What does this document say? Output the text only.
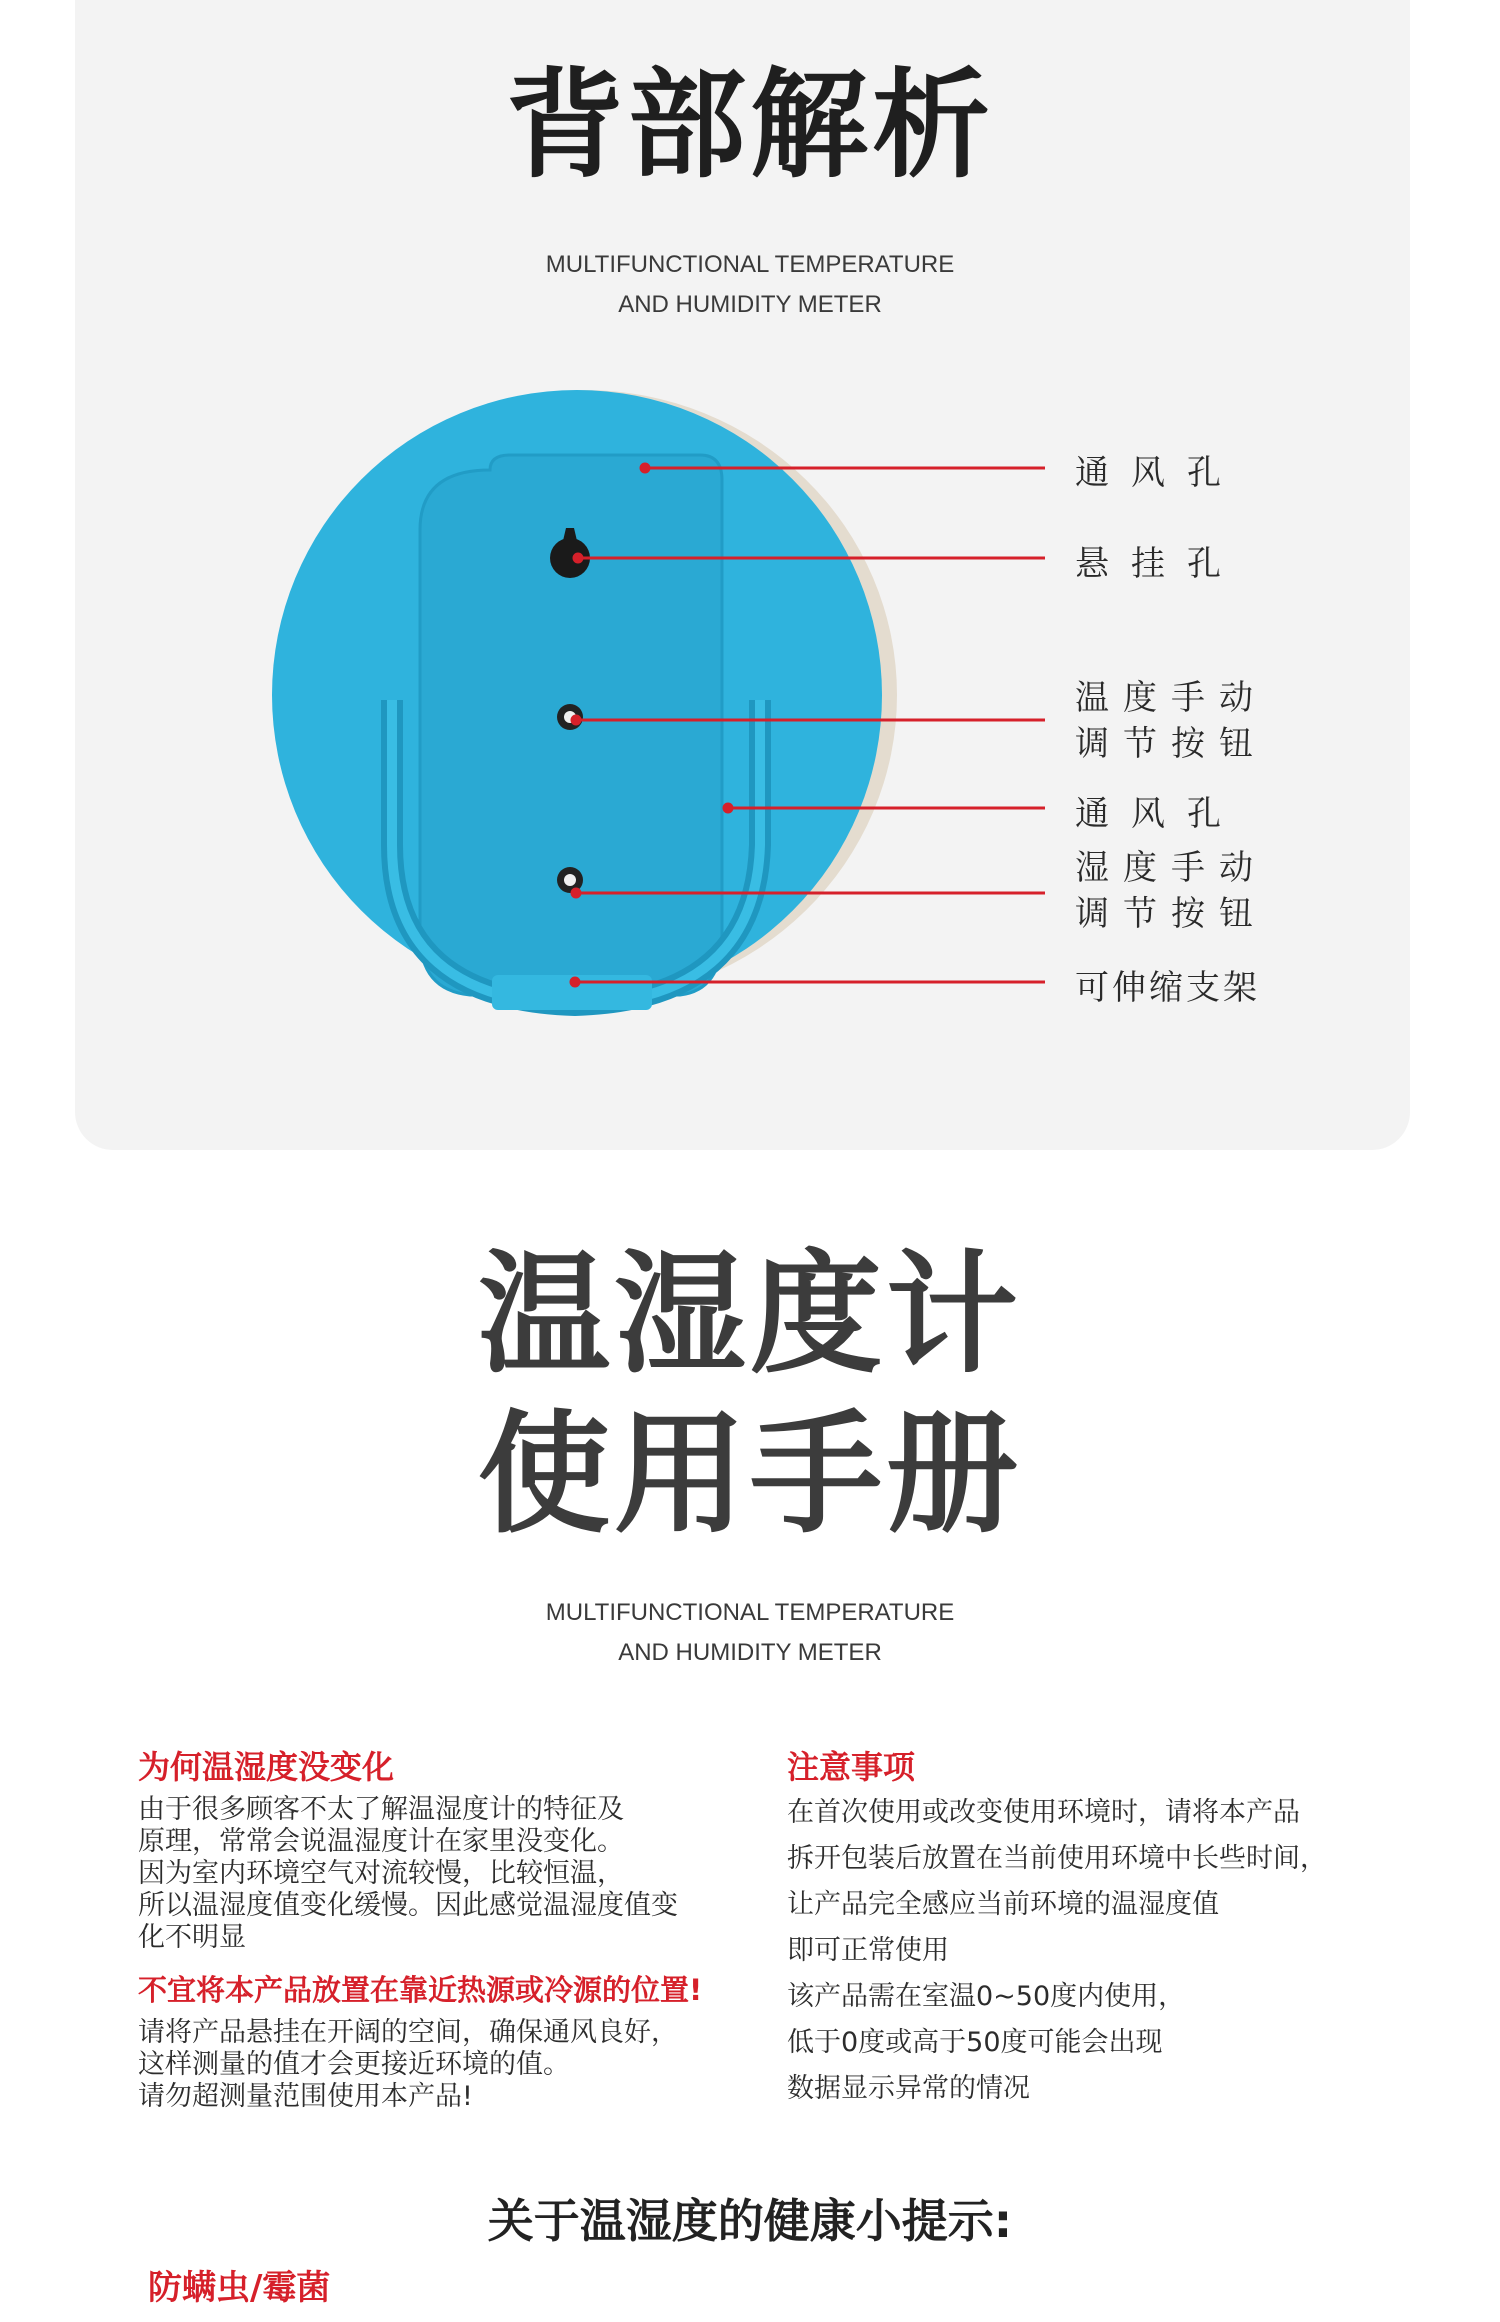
背部解析
MULTIFUNCTIONAL TEMPERATURE
AND HUMIDITY METER
通风孔
悬挂孔
温度手动
调节按钮
通风孔
湿度手动
调节按钮
可伸缩支架
温湿度计
使用手册
MULTIFUNCTIONAL TEMPERATURE
AND HUMIDITY METER
为何温湿度没变化
由于很多顾客不太了解温湿度计的特征及
原理，常常会说温湿度计在家里没变化。
因为室内环境空气对流较慢，比较恒温，
所以温湿度值变化缓慢。因此感觉温湿度值变
化不明显
不宜将本产品放置在靠近热源或冷源的位置!
请将产品悬挂在开阔的空间，确保通风良好，
这样测量的值才会更接近环境的值。
请勿超测量范围使用本产品!
注意事项
在首次使用或改变使用环境时，请将本产品
拆开包装后放置在当前使用环境中长些时间，
让产品完全感应当前环境的温湿度值
即可正常使用
该产品需在室温0~50度内使用，
低于0度或高于50度可能会出现
数据显示异常的情况
关于温湿度的健康小提示:
防螨虫/霉菌
